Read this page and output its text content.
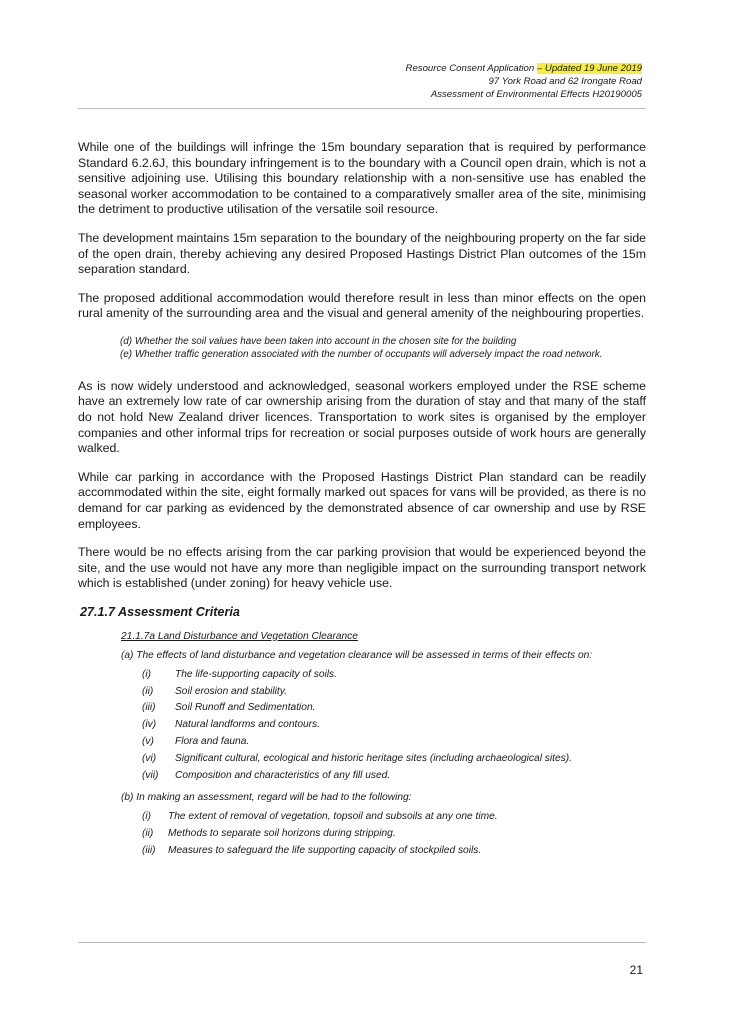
Resource Consent Application – Updated 19 June 2019
97 York Road and 62 Irongate Road
Assessment of Environmental Effects H20190005

While one of the buildings will infringe the 15m boundary separation that is required by performance Standard 6.2.6J, this boundary infringement is to the boundary with a Council open drain, which is not a sensitive adjoining use. Utilising this boundary relationship with a non-sensitive use has enabled the seasonal worker accommodation to be contained to a comparatively smaller area of the site, minimising the detriment to productive utilisation of the versatile soil resource.

The development maintains 15m separation to the boundary of the neighbouring property on the far side of the open drain, thereby achieving any desired Proposed Hastings District Plan outcomes of the 15m separation standard.

The proposed additional accommodation would therefore result in less than minor effects on the open rural amenity of the surrounding area and the visual and general amenity of the neighbouring properties.

(d) Whether the soil values have been taken into account in the chosen site for the building
(e) Whether traffic generation associated with the number of occupants will adversely impact the road network.

As is now widely understood and acknowledged, seasonal workers employed under the RSE scheme have an extremely low rate of car ownership arising from the duration of stay and that many of the staff do not hold New Zealand driver licences. Transportation to work sites is organised by the employer companies and other informal trips for recreation or social purposes outside of work hours are generally walked.

While car parking in accordance with the Proposed Hastings District Plan standard can be readily accommodated within the site, eight formally marked out spaces for vans will be provided, as there is no demand for car parking as evidenced by the demonstrated absence of car ownership and use by RSE employees.

There would be no effects arising from the car parking provision that would be experienced beyond the site, and the use would not have any more than negligible impact on the surrounding transport network which is established (under zoning) for heavy vehicle use.

27.1.7 Assessment Criteria
21.1.7a Land Disturbance and Vegetation Clearance
(a) The effects of land disturbance and vegetation clearance will be assessed in terms of their effects on:
(i) The life-supporting capacity of soils.
(ii) Soil erosion and stability.
(iii) Soil Runoff and Sedimentation.
(iv) Natural landforms and contours.
(v) Flora and fauna.
(vi) Significant cultural, ecological and historic heritage sites (including archaeological sites).
(vii) Composition and characteristics of any fill used.
(b) In making an assessment, regard will be had to the following:
(i) The extent of removal of vegetation, topsoil and subsoils at any one time.
(ii) Methods to separate soil horizons during stripping.
(iii) Measures to safeguard the life supporting capacity of stockpiled soils.
21
